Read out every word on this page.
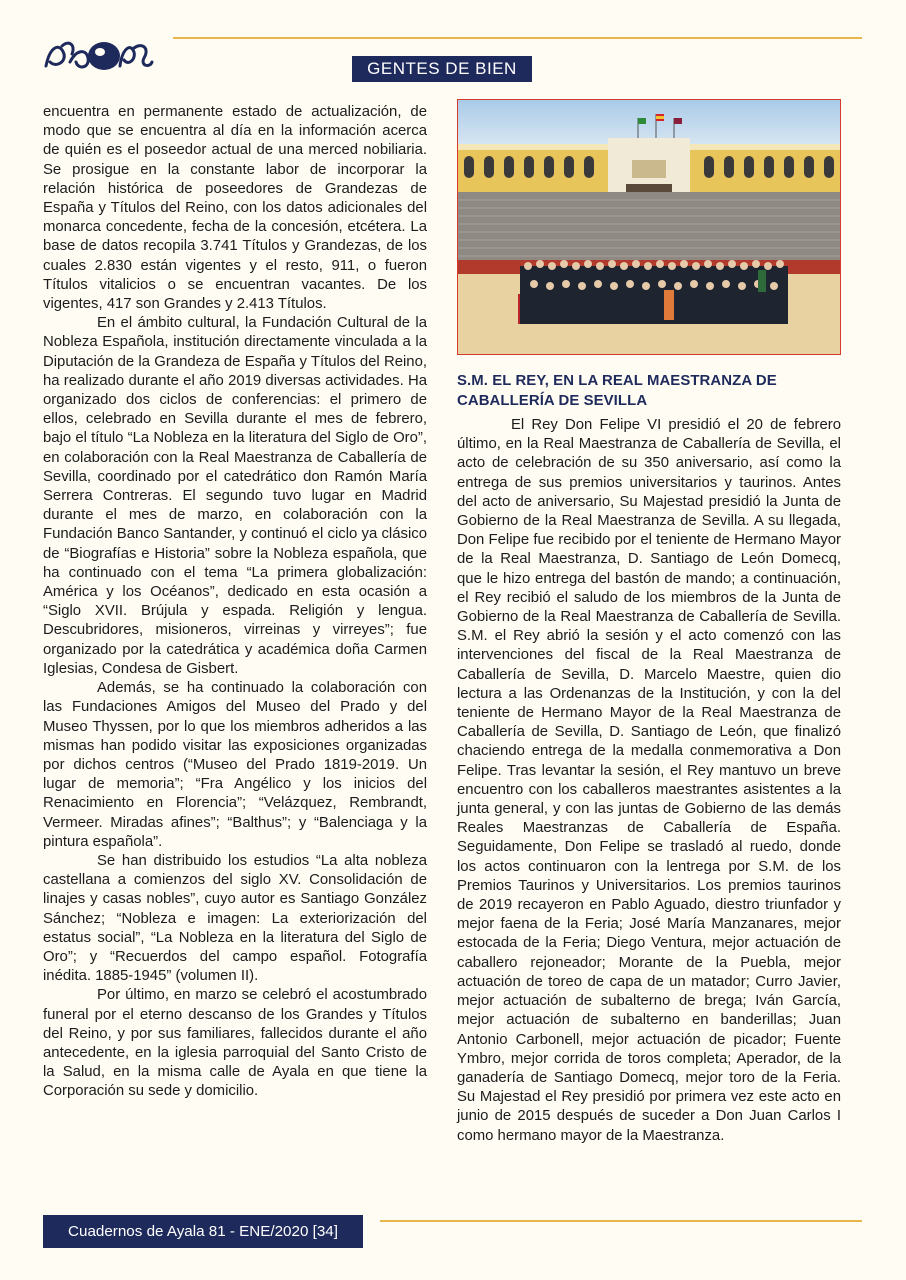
GENTES DE BIEN

encuentra en permanente estado de actualización, de modo que se encuentra al día en la información acerca de quién es el poseedor actual de una merced nobiliaria. Se prosigue en la constante labor de incorporar la relación histórica de poseedores de Grandezas de España y Títulos del Reino, con los datos adicionales del monarca concedente, fecha de la concesión, etcétera. La base de datos recopila 3.741 Títulos y Grandezas, de los cuales 2.830 están vigentes y el resto, 911, o fueron Títulos vitalicios o se encuentran vacantes. De los vigentes, 417 son Grandes y 2.413 Títulos.

En el ámbito cultural, la Fundación Cultural de la Nobleza Española, institución directamente vinculada a la Diputación de la Grandeza de España y Títulos del Reino, ha realizado durante el año 2019 diversas actividades. Ha organizado dos ciclos de conferencias: el primero de ellos, celebrado en Sevilla durante el mes de febrero, bajo el título “La Nobleza en la literatura del Siglo de Oro”, en colaboración con la Real Maestranza de Caballería de Sevilla, coordinado por el catedrático don Ramón María Serrera Contreras. El segundo tuvo lugar en Madrid durante el mes de marzo, en colaboración con la Fundación Banco Santander, y continuó el ciclo ya clásico de “Biografías e Historia” sobre la Nobleza española, que ha continuado con el tema “La primera globalización: América y los Océanos”, dedicado en esta ocasión a “Siglo XVII. Brújula y espada. Religión y lengua. Descubridores, misioneros, virreinas y virreyes”; fue organizado por la catedrática y académica doña Carmen Iglesias, Condesa de Gisbert.

Además, se ha continuado la colaboración con las Fundaciones Amigos del Museo del Prado y del Museo Thyssen, por lo que los miembros adheridos a las mismas han podido visitar las exposiciones organizadas por dichos centros (“Museo del Prado 1819-2019. Un lugar de memoria”; “Fra Angélico y los inicios del Renacimiento en Florencia”; “Velázquez, Rembrandt, Vermeer. Miradas afines”; “Balthus”; y “Balenciaga y la pintura española”.

Se han distribuido los estudios “La alta nobleza castellana a comienzos del siglo XV. Consolidación de linajes y casas nobles”, cuyo autor es Santiago González Sánchez; “Nobleza e imagen: La exteriorización del estatus social”, “La Nobleza en la literatura del Siglo de Oro”; y “Recuerdos del campo español. Fotografía inédita. 1885-1945” (volumen II).

Por último, en marzo se celebró el acostumbrado funeral por el eterno descanso de los Grandes y Títulos del Reino, y por sus familiares, fallecidos durante el año antecedente, en la iglesia parroquial del Santo Cristo de la Salud, en la misma calle de Ayala en que tiene la Corporación su sede y domicilio.

S.M. EL REY, EN LA REAL MAESTRANZA DE CABALLERÍA DE SEVILLA

El Rey Don Felipe VI presidió el 20 de febrero último, en la Real Maestranza de Caballería de Sevilla, el acto de celebración de su 350 aniversario, así como la entrega de sus premios universitarios y taurinos. Antes del acto de aniversario, Su Majestad presidió la Junta de Gobierno de la Real Maestranza de Sevilla. A su llegada, Don Felipe fue recibido por el teniente de Hermano Mayor de la Real Maestranza, D. Santiago de León Domecq, que le hizo entrega del bastón de mando; a continuación, el Rey recibió el saludo de los miembros de la Junta de Gobierno de la Real Maestranza de Caballería de Sevilla. S.M. el Rey abrió la sesión y el acto comenzó con las intervenciones del fiscal de la Real Maestranza de Caballería de Sevilla, D. Marcelo Maestre, quien dio lectura a las Ordenanzas de la Institución, y con la del teniente de Hermano Mayor de la Real Maestranza de Caballería de Sevilla, D. Santiago de León, que finalizó chaciendo entrega de la medalla conmemorativa a Don Felipe. Tras levantar la sesión, el Rey mantuvo un breve encuentro con los caballeros maestrantes asistentes a la junta general, y con las juntas de Gobierno de las demás Reales Maestranzas de Caballería de España. Seguidamente, Don Felipe se trasladó al ruedo, donde los actos continuaron con la lentrega por S.M. de los Premios Taurinos y Universitarios. Los premios taurinos de 2019 recayeron en Pablo Aguado, diestro triunfador y mejor faena de la Feria; José María Manzanares, mejor estocada de la Feria; Diego Ventura, mejor actuación de caballero rejoneador; Morante de la Puebla, mejor actuación de toreo de capa de un matador; Curro Javier, mejor actuación de subalterno de brega; Iván García, mejor actuación de subalterno en banderillas; Juan Antonio Carbonell, mejor actuación de picador; Fuente Ymbro, mejor corrida de toros completa; Aperador, de la ganadería de Santiago Domecq, mejor toro de la Feria. Su Majestad el Rey presidió por primera vez este acto en junio de 2015 después de suceder a Don Juan Carlos I como hermano mayor de la Maestranza.

Cuadernos de Ayala 81 - ENE/2020 [34]
